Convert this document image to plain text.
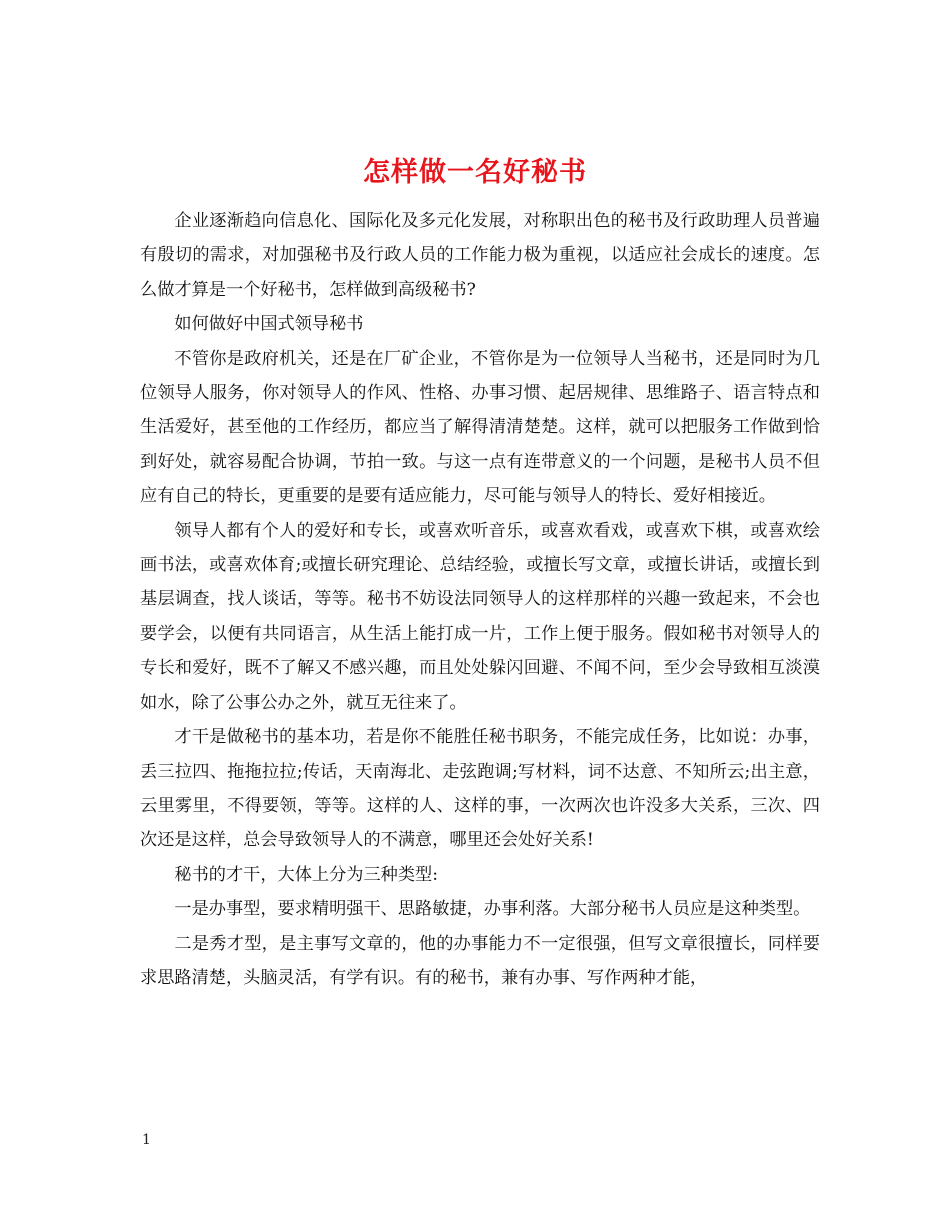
怎样做一名好秘书

企业逐渐趋向信息化、国际化及多元化发展，对称职出色的秘书及行政助理人员普遍有殷切的需求，对加强秘书及行政人员的工作能力极为重视，以适应社会成长的速度。怎么做才算是一个好秘书，怎样做到高级秘书?

如何做好中国式领导秘书

不管你是政府机关，还是在厂矿企业，不管你是为一位领导人当秘书，还是同时为几位领导人服务，你对领导人的作风、性格、办事习惯、起居规律、思维路子、语言特点和生活爱好，甚至他的工作经历，都应当了解得清清楚楚。这样，就可以把服务工作做到恰到好处，就容易配合协调，节拍一致。与这一点有连带意义的一个问题，是秘书人员不但应有自己的特长，更重要的是要有适应能力，尽可能与领导人的特长、爱好相接近。

领导人都有个人的爱好和专长，或喜欢听音乐，或喜欢看戏，或喜欢下棋，或喜欢绘画书法，或喜欢体育;或擅长研究理论、总结经验，或擅长写文章，或擅长讲话，或擅长到基层调查，找人谈话，等等。秘书不妨设法同领导人的这样那样的兴趣一致起来，不会也要学会，以便有共同语言，从生活上能打成一片，工作上便于服务。假如秘书对领导人的专长和爱好，既不了解又不感兴趣，而且处处躲闪回避、不闻不问，至少会导致相互淡漠如水，除了公事公办之外，就互无往来了。

才干是做秘书的基本功，若是你不能胜任秘书职务，不能完成任务，比如说：办事，丢三拉四、拖拖拉拉;传话，天南海北、走弦跑调;写材料，词不达意、不知所云;出主意，云里雾里，不得要领，等等。这样的人、这样的事，一次两次也许没多大关系，三次、四次还是这样，总会导致领导人的不满意，哪里还会处好关系!

秘书的才干，大体上分为三种类型:

一是办事型，要求精明强干、思路敏捷，办事利落。大部分秘书人员应是这种类型。

二是秀才型，是主事写文章的，他的办事能力不一定很强，但写文章很擅长，同样要求思路清楚，头脑灵活，有学有识。有的秘书，兼有办事、写作两种才能，

1
